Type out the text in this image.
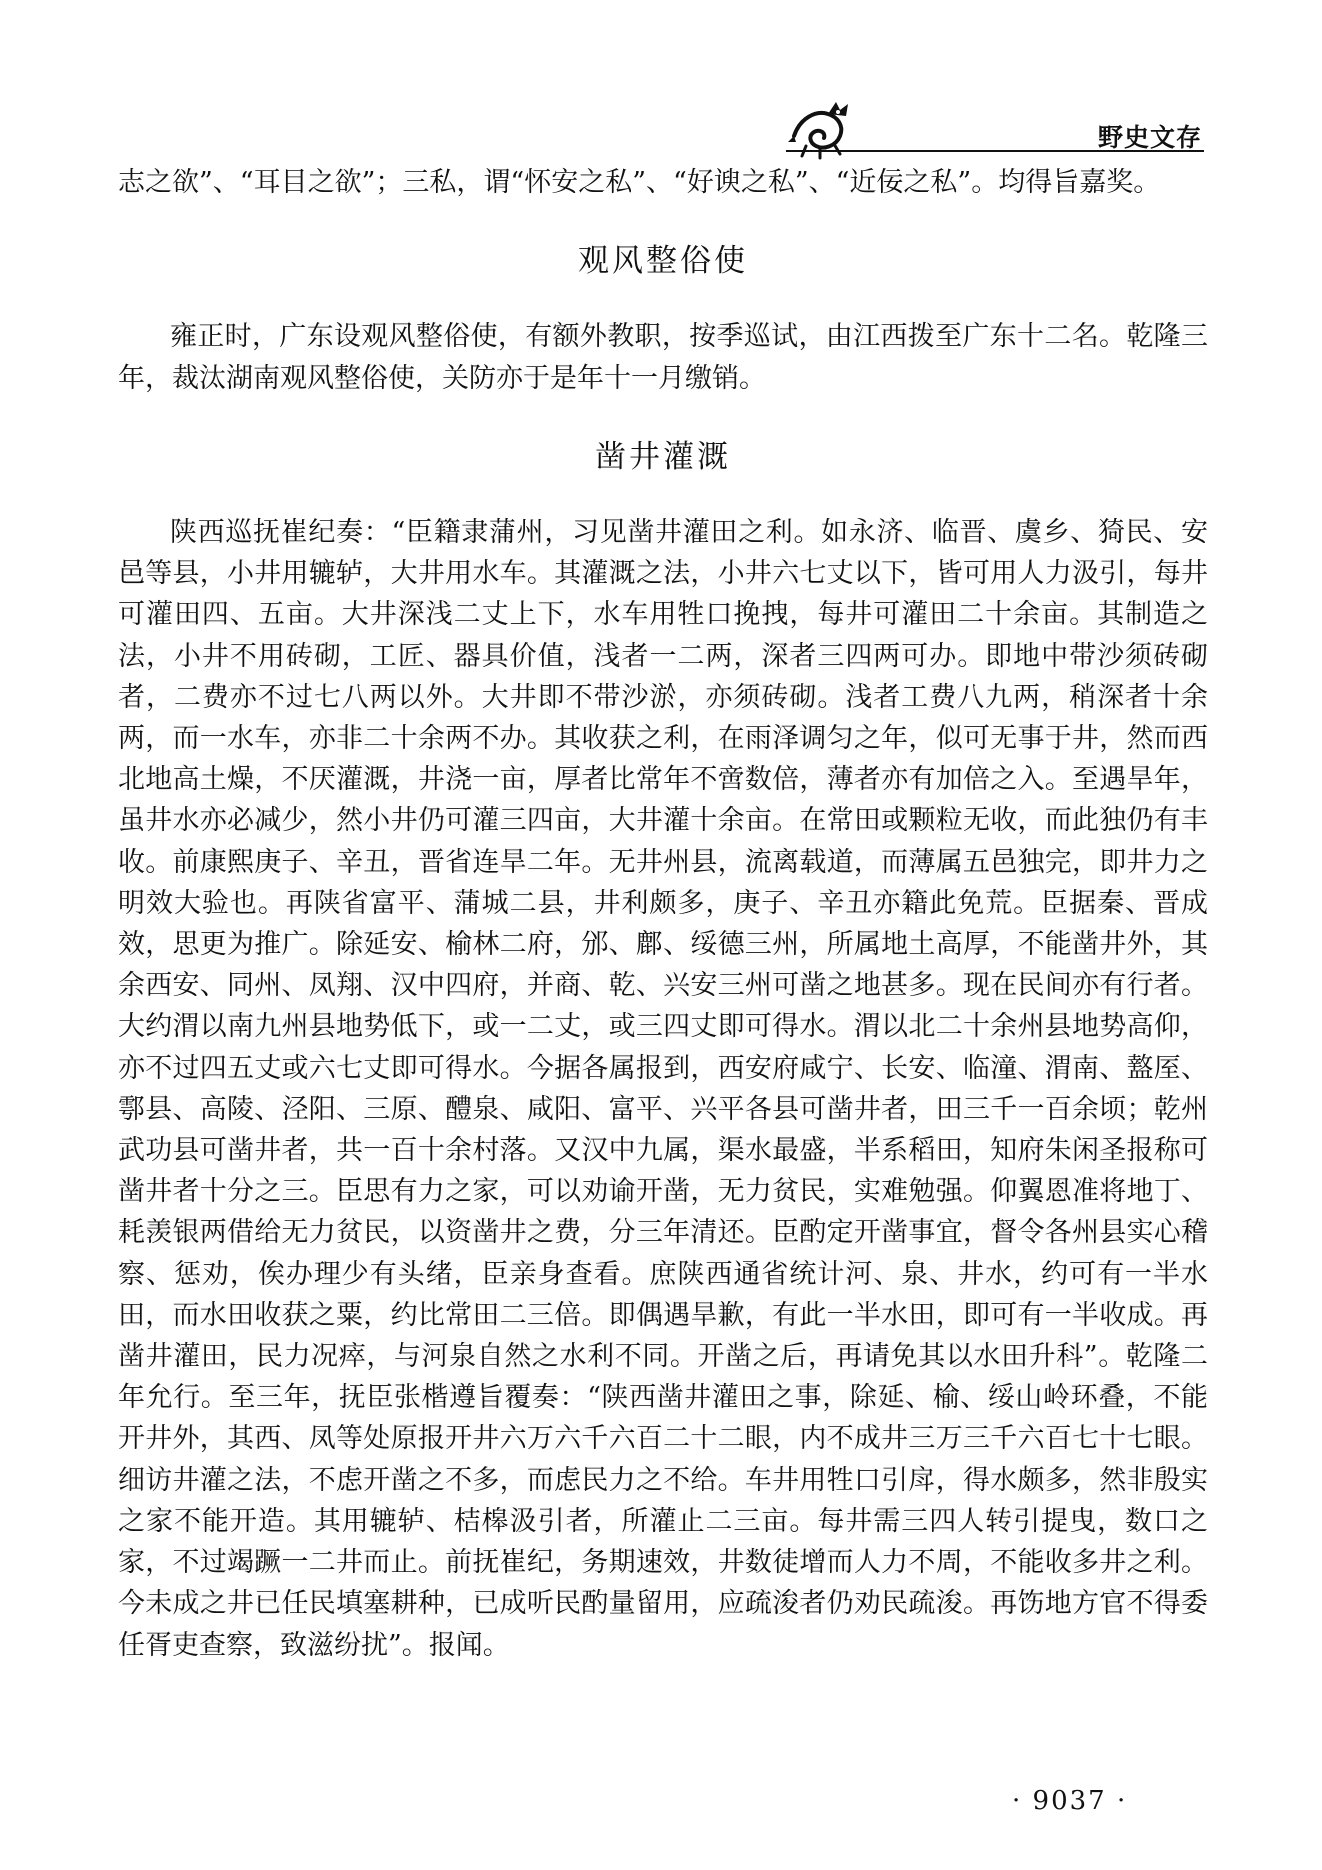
野史文存

志之欲”、“耳目之欲”；三私，谓“怀安之私”、“好谀之私”、“近佞之私”。均得旨嘉奖。

观风整俗使

雍正时，广东设观风整俗使，有额外教职，按季巡试，由江西拨至广东十二名。乾隆三年，裁汰湖南观风整俗使，关防亦于是年十一月缴销。

凿井灌溉

陕西巡抚崔纪奏：“臣籍隶蒲州，习见凿井灌田之利。如永济、临晋、虞乡、猗民、安邑等县，小井用辘轳，大井用水车。其灌溉之法，小井六七丈以下，皆可用人力汲引，每井可灌田四、五亩。大井深浅二丈上下，水车用牲口挽拽，每井可灌田二十余亩。其制造之法，小井不用砖砌，工匠、器具价值，浅者一二两，深者三四两可办。即地中带沙须砖砌者，二费亦不过七八两以外。大井即不带沙淤，亦须砖砌。浅者工费八九两，稍深者十余两，而一水车，亦非二十余两不办。其收获之利，在雨泽调匀之年，似可无事于井，然而西北地高土燥，不厌灌溉，井浇一亩，厚者比常年不啻数倍，薄者亦有加倍之入。至遇旱年，虽井水亦必减少，然小井仍可灌三四亩，大井灌十余亩。在常田或颗粒无收，而此独仍有丰收。前康熙庚子、辛丑，晋省连旱二年。无井州县，流离载道，而薄属五邑独完，即井力之明效大验也。再陕省富平、蒲城二县，井利颇多，庚子、辛丑亦籍此免荒。臣据秦、晋成效，思更为推广。除延安、榆林二府，邠、鄜、绥德三州，所属地土高厚，不能凿井外，其余西安、同州、凤翔、汉中四府，并商、乾、兴安三州可凿之地甚多。现在民间亦有行者。大约渭以南九州县地势低下，或一二丈，或三四丈即可得水。渭以北二十余州县地势高仰，亦不过四五丈或六七丈即可得水。今据各属报到，西安府咸宁、长安、临潼、渭南、盩厔、鄠县、高陵、泾阳、三原、醴泉、咸阳、富平、兴平各县可凿井者，田三千一百余顷；乾州武功县可凿井者，共一百十余村落。又汉中九属，渠水最盛，半系稻田，知府朱闲圣报称可凿井者十分之三。臣思有力之家，可以劝谕开凿，无力贫民，实难勉强。仰翼恩准将地丁、耗羡银两借给无力贫民，以资凿井之费，分三年清还。臣酌定开凿事宜，督令各州县实心稽察、惩劝，俟办理少有头绪，臣亲身查看。庶陕西通省统计河、泉、井水，约可有一半水田，而水田收获之粟，约比常田二三倍。即偶遇旱歉，有此一半水田，即可有一半收成。再凿井灌田，民力况瘁，与河泉自然之水利不同。开凿之后，再请免其以水田升科”。乾隆二年允行。至三年，抚臣张楷遵旨覆奏：“陕西凿井灌田之事，除延、榆、绥山岭环叠，不能开井外，其西、凤等处原报开井六万六千六百二十二眼，内不成井三万三千六百七十七眼。细访井灌之法，不虑开凿之不多，而虑民力之不给。车井用牲口引戽，得水颇多，然非殷实之家不能开造。其用辘轳、桔槔汲引者，所灌止二三亩。每井需三四人转引提曳，数口之家，不过竭蹶一二井而止。前抚崔纪，务期速效，井数徒增而人力不周，不能收多井之利。今未成之井已任民填塞耕种，已成听民酌量留用，应疏浚者仍劝民疏浚。再饬地方官不得委任胥吏查察，致滋纷扰”。报闻。

· 9037 ·
